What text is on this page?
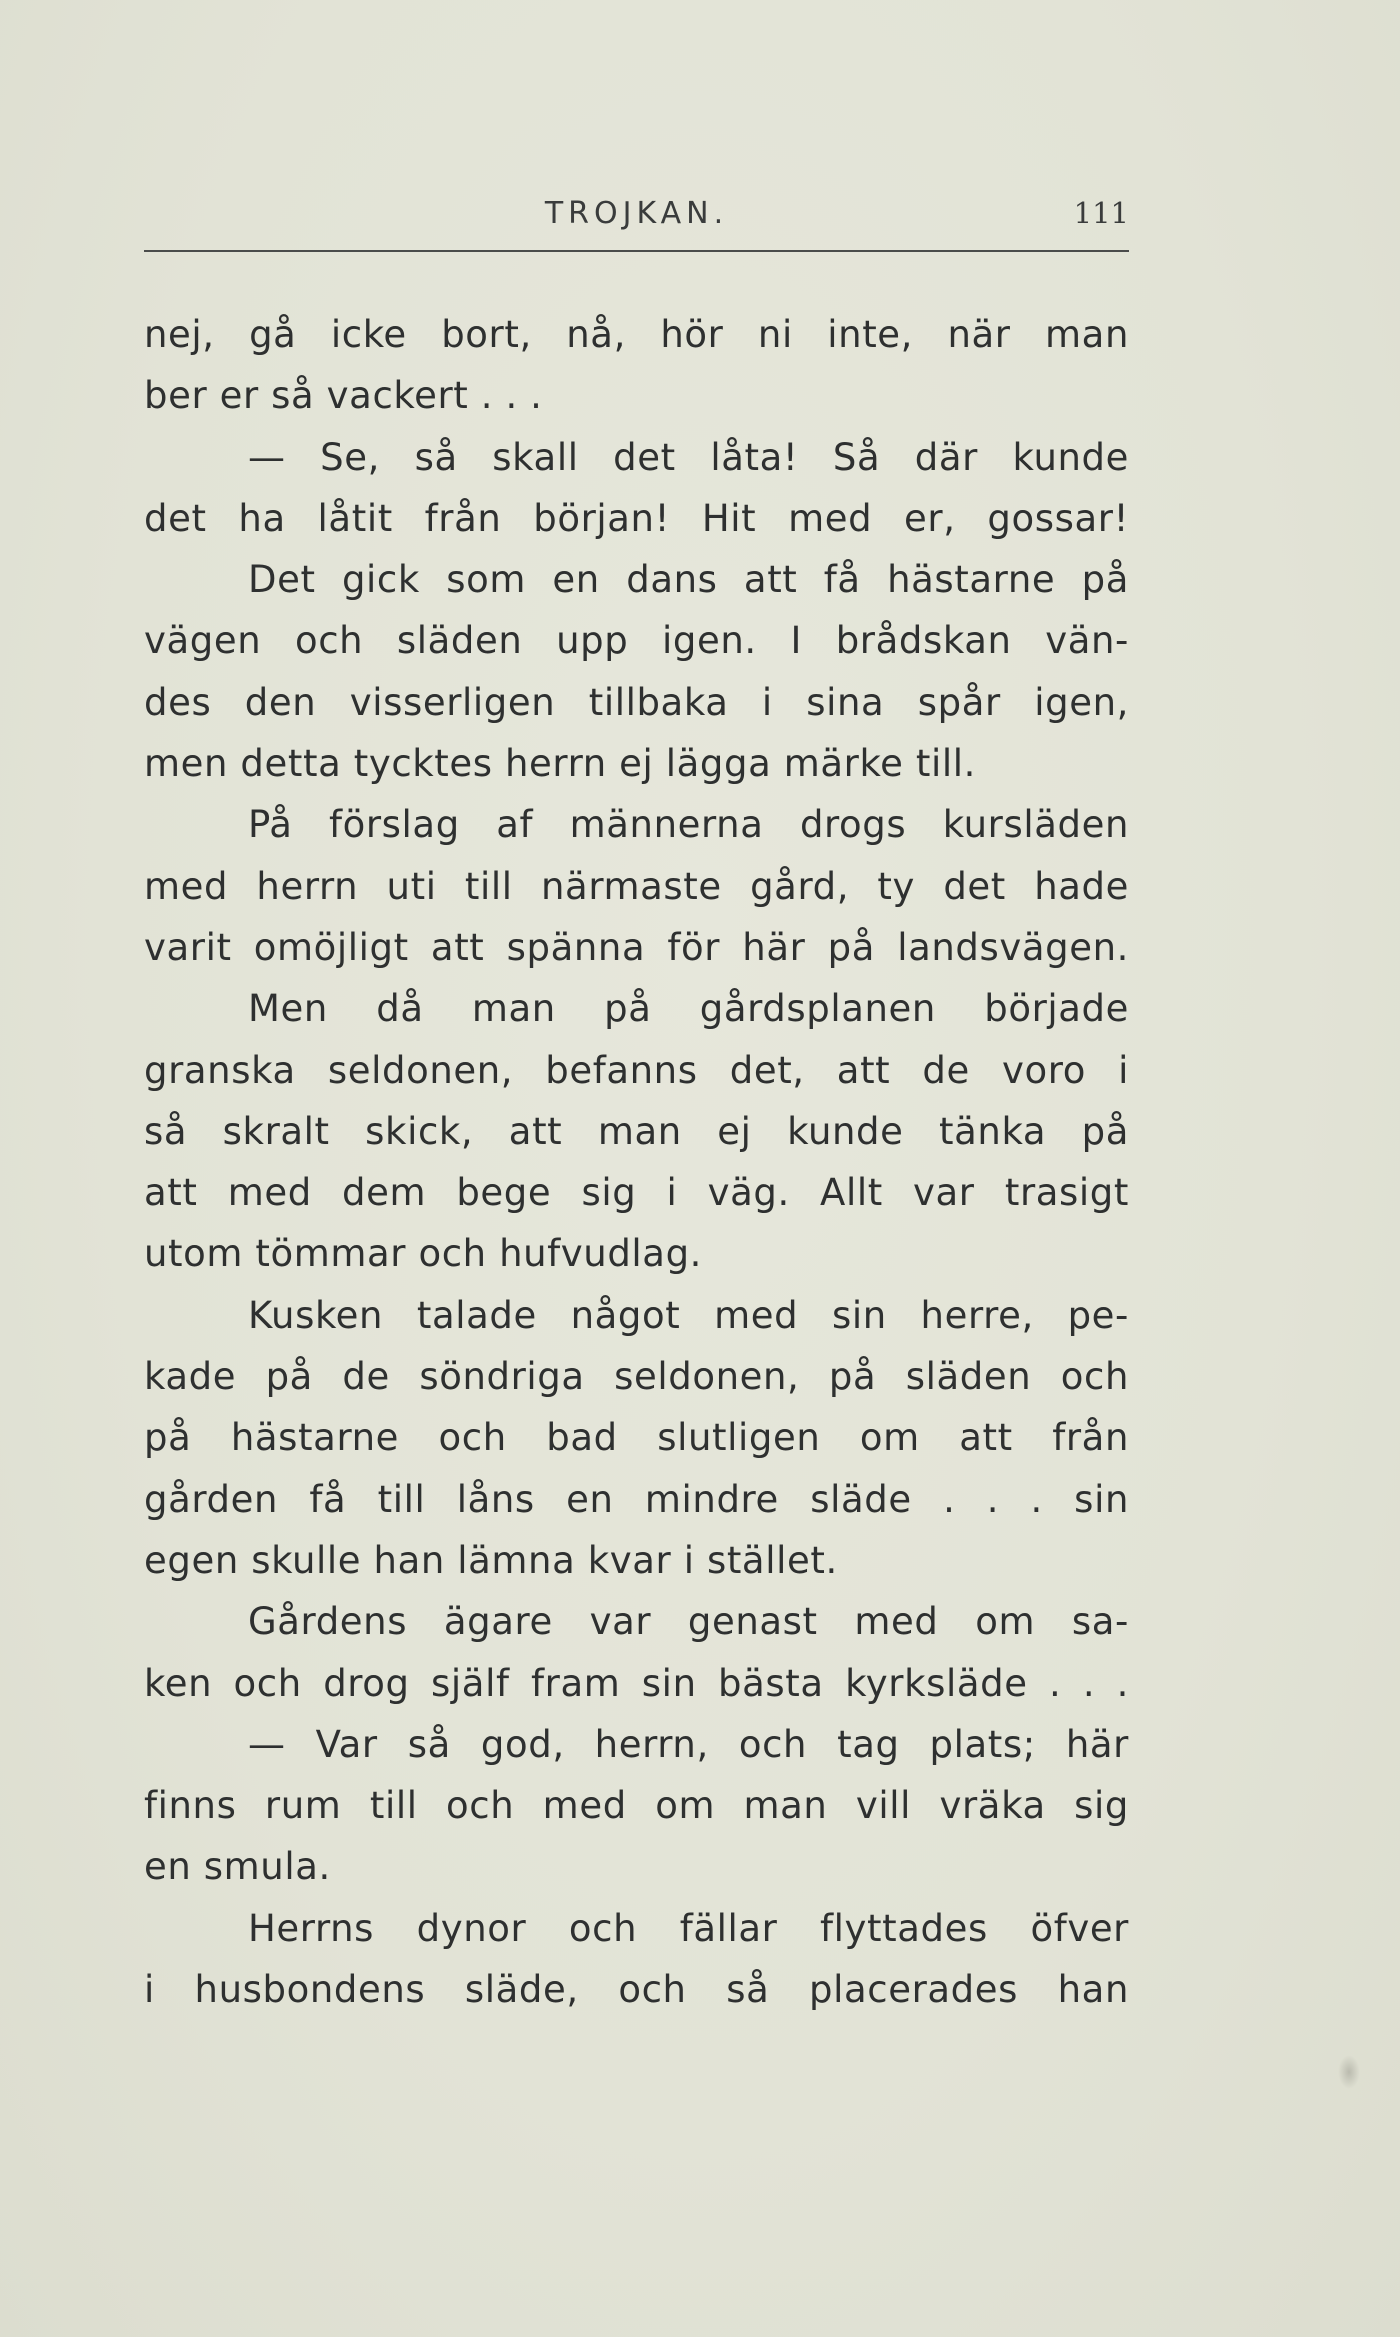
TROJKAN.	111
nej, gå icke bort, nå, hör ni inte, när man
ber er så vackert . . .
— Se, så skall det låta! Så där kunde
det ha låtit från början! Hit med er, gossar!
Det gick som en dans att få hästarne på
vägen och släden upp igen. I brådskan vän-
des den visserligen tillbaka i sina spår igen,
men detta tycktes herrn ej lägga märke till.
På förslag af männerna drogs kursläden
med herrn uti till närmaste gård, ty det hade
varit omöjligt att spänna för här på landsvägen.
Men då man på gårdsplanen började
granska seldonen, befanns det, att de voro i
så skralt skick, att man ej kunde tänka på
att med dem bege sig i väg. Allt var trasigt
utom tömmar och hufvudlag.
Kusken talade något med sin herre, pe-
kade på de söndriga seldonen, på släden och
på hästarne och bad slutligen om att från
gården få till låns en mindre släde . . . sin
egen skulle han lämna kvar i stället.
Gårdens ägare var genast med om sa-
ken och drog själf fram sin bästa kyrksläde . . .
— Var så god, herrn, och tag plats; här
finns rum till och med om man vill vräka sig
en smula.
Herrns dynor och fällar flyttades öfver
i husbondens släde, och så placerades han
